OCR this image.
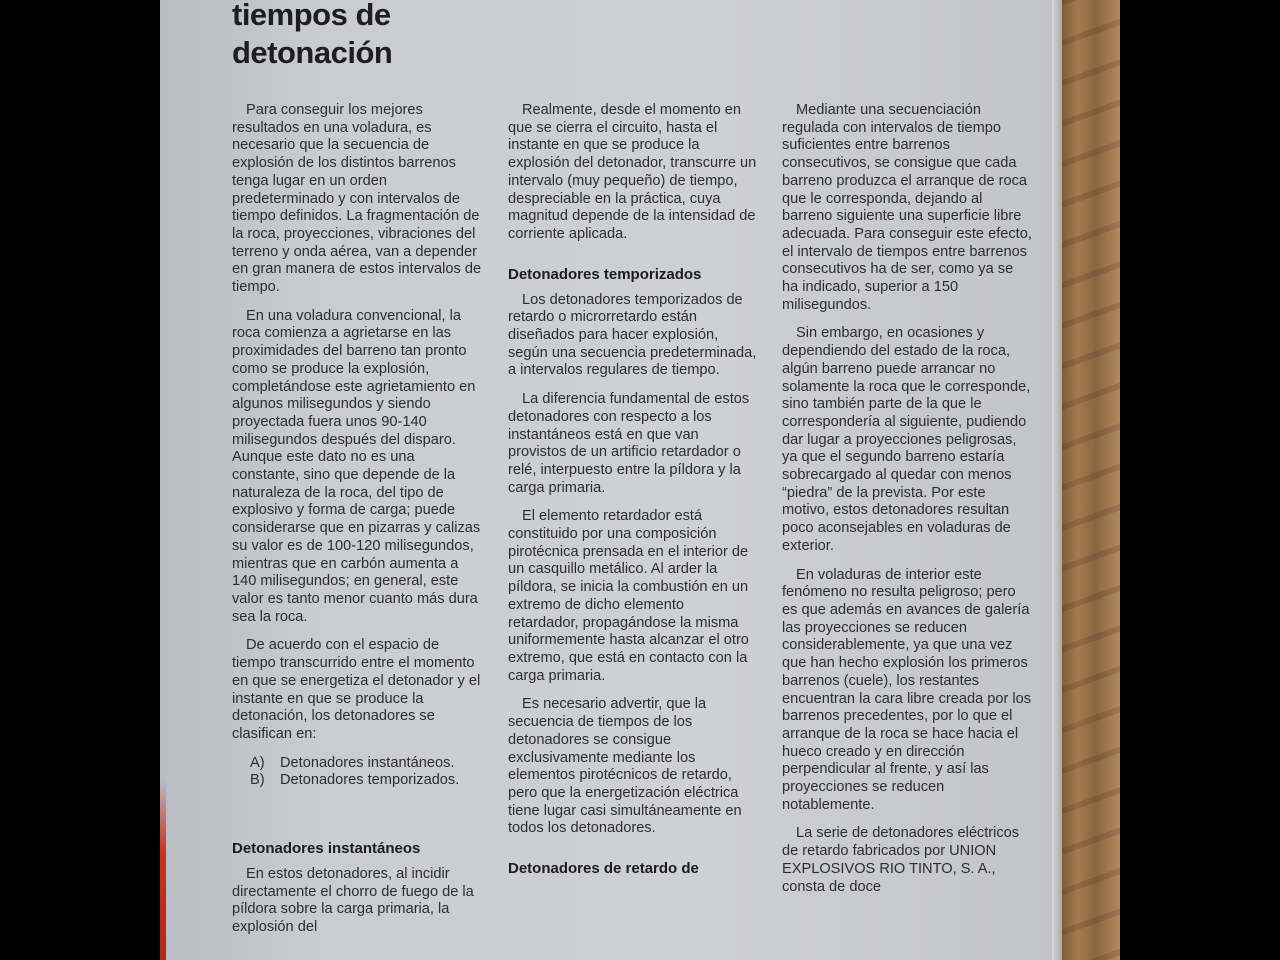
tiempos de
detonación

Para conseguir los mejores resultados en una voladura, es necesario que la secuencia de explosión de los distintos barrenos tenga lugar en un orden predeterminado y con intervalos de tiempo definidos. La fragmentación de la roca, proyecciones, vibraciones del terreno y onda aérea, van a depender en gran manera de estos intervalos de tiempo.

En una voladura convencional, la roca comienza a agrietarse en las proximidades del barreno tan pronto como se produce la explosión, completándose este agrietamiento en algunos milisegundos y siendo proyectada fuera unos 90-140 milisegundos después del disparo. Aunque este dato no es una constante, sino que depende de la naturaleza de la roca, del tipo de explosivo y forma de carga; puede considerarse que en pizarras y calizas su valor es de 100-120 milisegundos, mientras que en carbón aumenta a 140 milisegundos; en general, este valor es tanto menor cuanto más dura sea la roca.

De acuerdo con el espacio de tiempo transcurrido entre el momento en que se energetiza el detonador y el instante en que se produce la detonación, los detonadores se clasifican en:

A)	Detonadores instantáneos.
B)	Detonadores temporizados.
Detonadores instantáneos

En estos detonadores, al incidir directamente el chorro de fuego de la píldora sobre la carga primaria, la explosión del

Realmente, desde el momento en que se cierra el circuito, hasta el instante en que se produce la explosión del detonador, transcurre un intervalo (muy pequeño) de tiempo, despreciable en la práctica, cuya magnitud depende de la intensidad de corriente aplicada.

Detonadores temporizados

Los detonadores temporizados de retardo o microrretardo están diseñados para hacer explosión, según una secuencia predeterminada, a intervalos regulares de tiempo.

La diferencia fundamental de estos detonadores con respecto a los instantáneos está en que van provistos de un artificio retardador o relé, interpuesto entre la píldora y la carga primaria.

El elemento retardador está constituido por una composición pirotécnica prensada en el interior de un casquillo metálico. Al arder la píldora, se inicia la combustión en un extremo de dicho elemento retardador, propagándose la misma uniformemente hasta alcanzar el otro extremo, que está en contacto con la carga primaria.

Es necesario advertir, que la secuencia de tiempos de los detonadores se consigue exclusivamente mediante los elementos pirotécnicos de retardo, pero que la energetización eléctrica tiene lugar casi simultáneamente en todos los detonadores.

Detonadores de retardo de

Mediante una secuenciación regulada con intervalos de tiempo suficientes entre barrenos consecutivos, se consigue que cada barreno produzca el arranque de roca que le corresponda, dejando al barreno siguiente una superficie libre adecuada. Para conseguir este efecto, el intervalo de tiempos entre barrenos consecutivos ha de ser, como ya se ha indicado, superior a 150 milisegundos.

Sin embargo, en ocasiones y dependiendo del estado de la roca, algún barreno puede arrancar no solamente la roca que le corresponde, sino también parte de la que le correspondería al siguiente, pudiendo dar lugar a proyecciones peligrosas, ya que el segundo barreno estaría sobrecargado al quedar con menos “piedra” de la prevista. Por este motivo, estos detonadores resultan poco aconsejables en voladuras de exterior.

En voladuras de interior este fenómeno no resulta peligroso; pero es que además en avances de galería las proyecciones se reducen considerablemente, ya que una vez que han hecho explosión los primeros barrenos (cuele), los restantes encuentran la cara libre creada por los barrenos precedentes, por lo que el arranque de la roca se hace hacia el hueco creado y en dirección perpendicular al frente, y así las proyecciones se reducen notablemente.

La serie de detonadores eléctricos de retardo fabricados por UNION EXPLOSIVOS RIO TINTO, S. A., consta de doce
